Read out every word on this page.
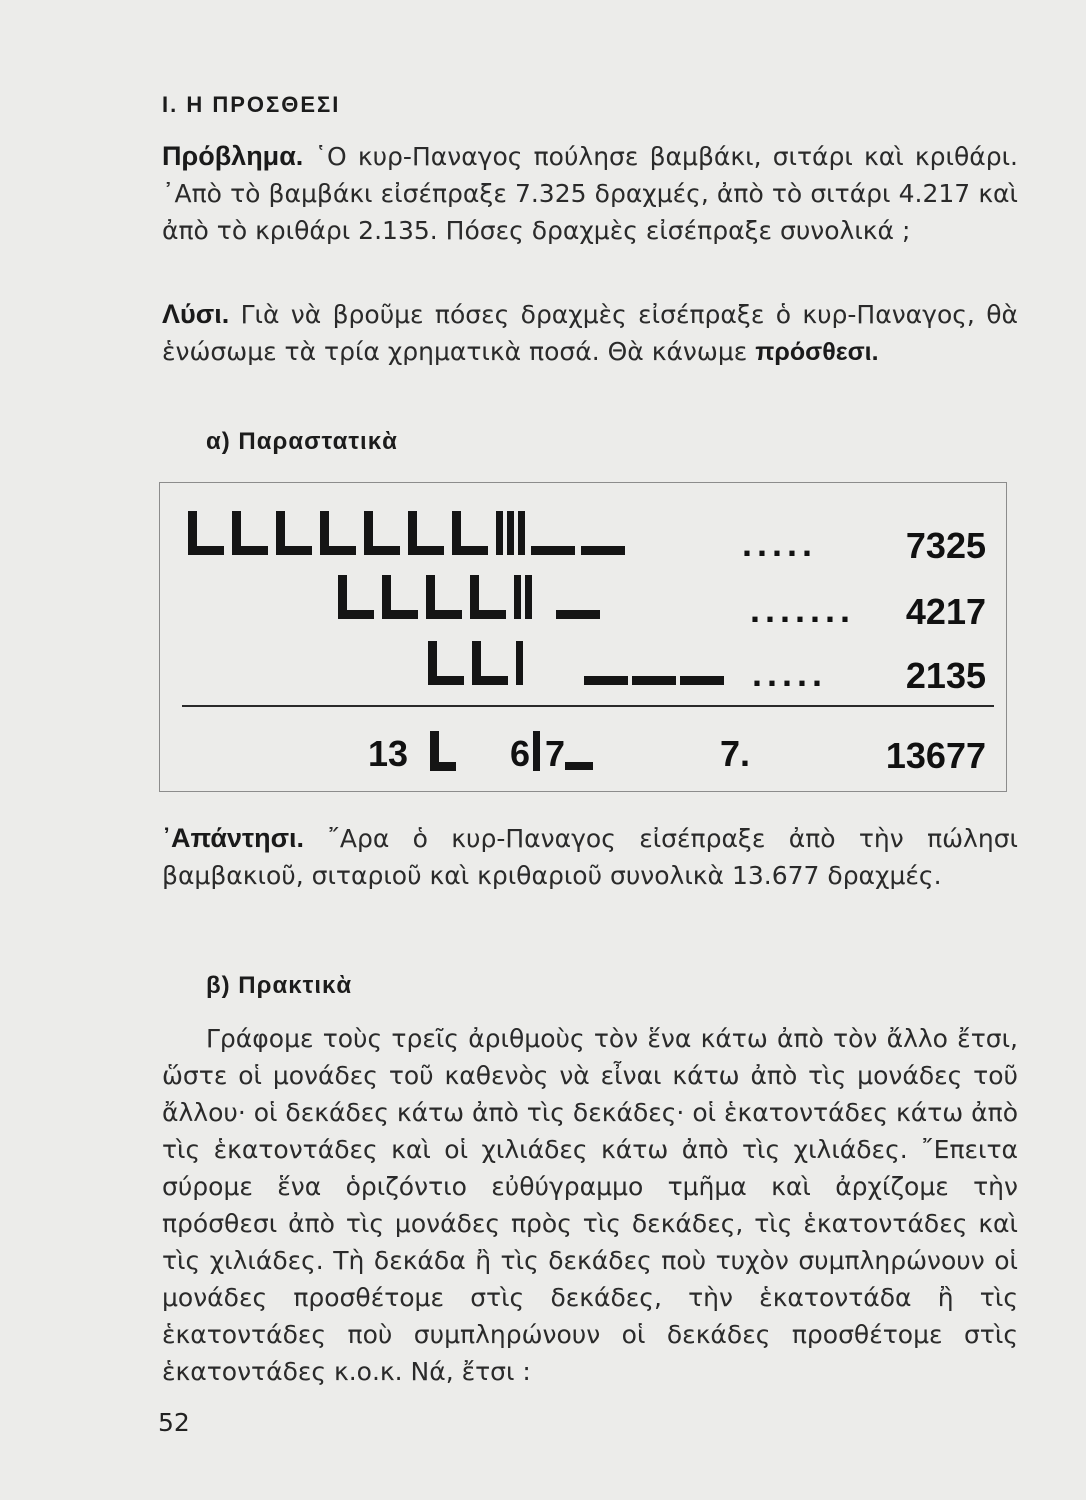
Ι. Η ΠΡΟΣΘΕΣΙ
Πρόβλημα. ῾Ο κυρ-Παναγος πούλησε βαμβάκι, σιτάρι καὶ κριθάρι. ᾿Απὸ τὸ βαμβάκι εἰσέπραξε 7.325 δραχμές, ἀπὸ τὸ σιτάρι 4.217 καὶ ἀπὸ τὸ κριθάρι 2.135. Πόσες δραχμὲς εἰσέπραξε συνολικά ;
Λύσι. Γιὰ νὰ βροῦμε πόσες δραχμὲς εἰσέπραξε ὁ κυρ-Παναγος, θὰ ἑνώσωμε τὰ τρία χρηματικὰ ποσά. Θὰ κάνωμε πρόσθεσι.
α) Παραστατικὰ
..... 7325
....... 4217
..... 2135
13	6 7	7.	13677
᾿Απάντησι. ῎Αρα ὁ κυρ-Παναγος εἰσέπραξε ἀπὸ τὴν πώλησι βαμβακιοῦ, σιταριοῦ καὶ κριθαριοῦ συνολικὰ 13.677 δραχμές.
β) Πρακτικὰ
Γράφομε τοὺς τρεῖς ἀριθμοὺς τὸν ἕνα κάτω ἀπὸ τὸν ἄλλο ἔτσι, ὥστε οἱ μονάδες τοῦ καθενὸς νὰ εἶναι κάτω ἀπὸ τὶς μονάδες τοῦ ἄλλου· οἱ δεκάδες κάτω ἀπὸ τὶς δεκάδες· οἱ ἑκατοντάδες κάτω ἀπὸ τὶς ἑκατοντάδες καὶ οἱ χιλιάδες κάτω ἀπὸ τὶς χιλιάδες. ῎Επειτα σύρομε ἕνα ὁριζόντιο εὐθύγραμμο τμῆμα καὶ ἀρχίζομε τὴν πρόσθεσι ἀπὸ τὶς μονάδες πρὸς τὶς δεκάδες, τὶς ἑκατοντάδες καὶ τὶς χιλιάδες. Τὴ δεκάδα ἢ τὶς δεκάδες ποὺ τυχὸν συμπληρώνουν οἱ μονάδες προσθέτομε στὶς δεκάδες, τὴν ἑκατοντάδα ἢ τὶς ἑκατοντάδες ποὺ συμπληρώνουν οἱ δεκάδες προσθέτομε στὶς ἑκατοντάδες κ.ο.κ. Νά, ἔτσι :
52
